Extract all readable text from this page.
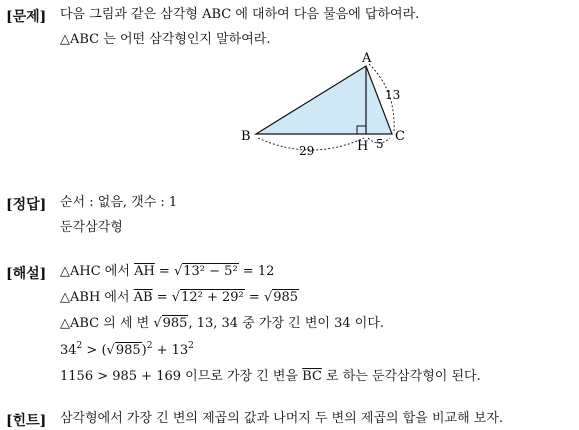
[문제] 다음 그림과 같은 삼각형 ABC 에 대하여 다음 물음에 답하여라.
△ABC 는 어떤 삼각형인지 말하여라.
A
B	C
H
13
29	5
[정답] 순서 : 없음, 갯수 : 1
둔각삼각형
[해설] △AHC 에서 $\overline{AH} = √13^2 - 5^2 = 12$
△ABH 에서 $\overline{AB} = √12^2 + 29^2 = √985$
△ABC 의 세 변 √985, 13, 34 중 가장 긴 변이 34 이다.
$34^2 > (√985)^2 + 13^2$
1156 > 985 + 169 이므로 가장 긴 변을 $\overline{BC}$ 로 하는 둔각삼각형이 된다.
[힌트] 삼각형에서 가장 긴 변의 제곱의 값과 나머지 두 변의 제곱의 합을 비교해 보자.
